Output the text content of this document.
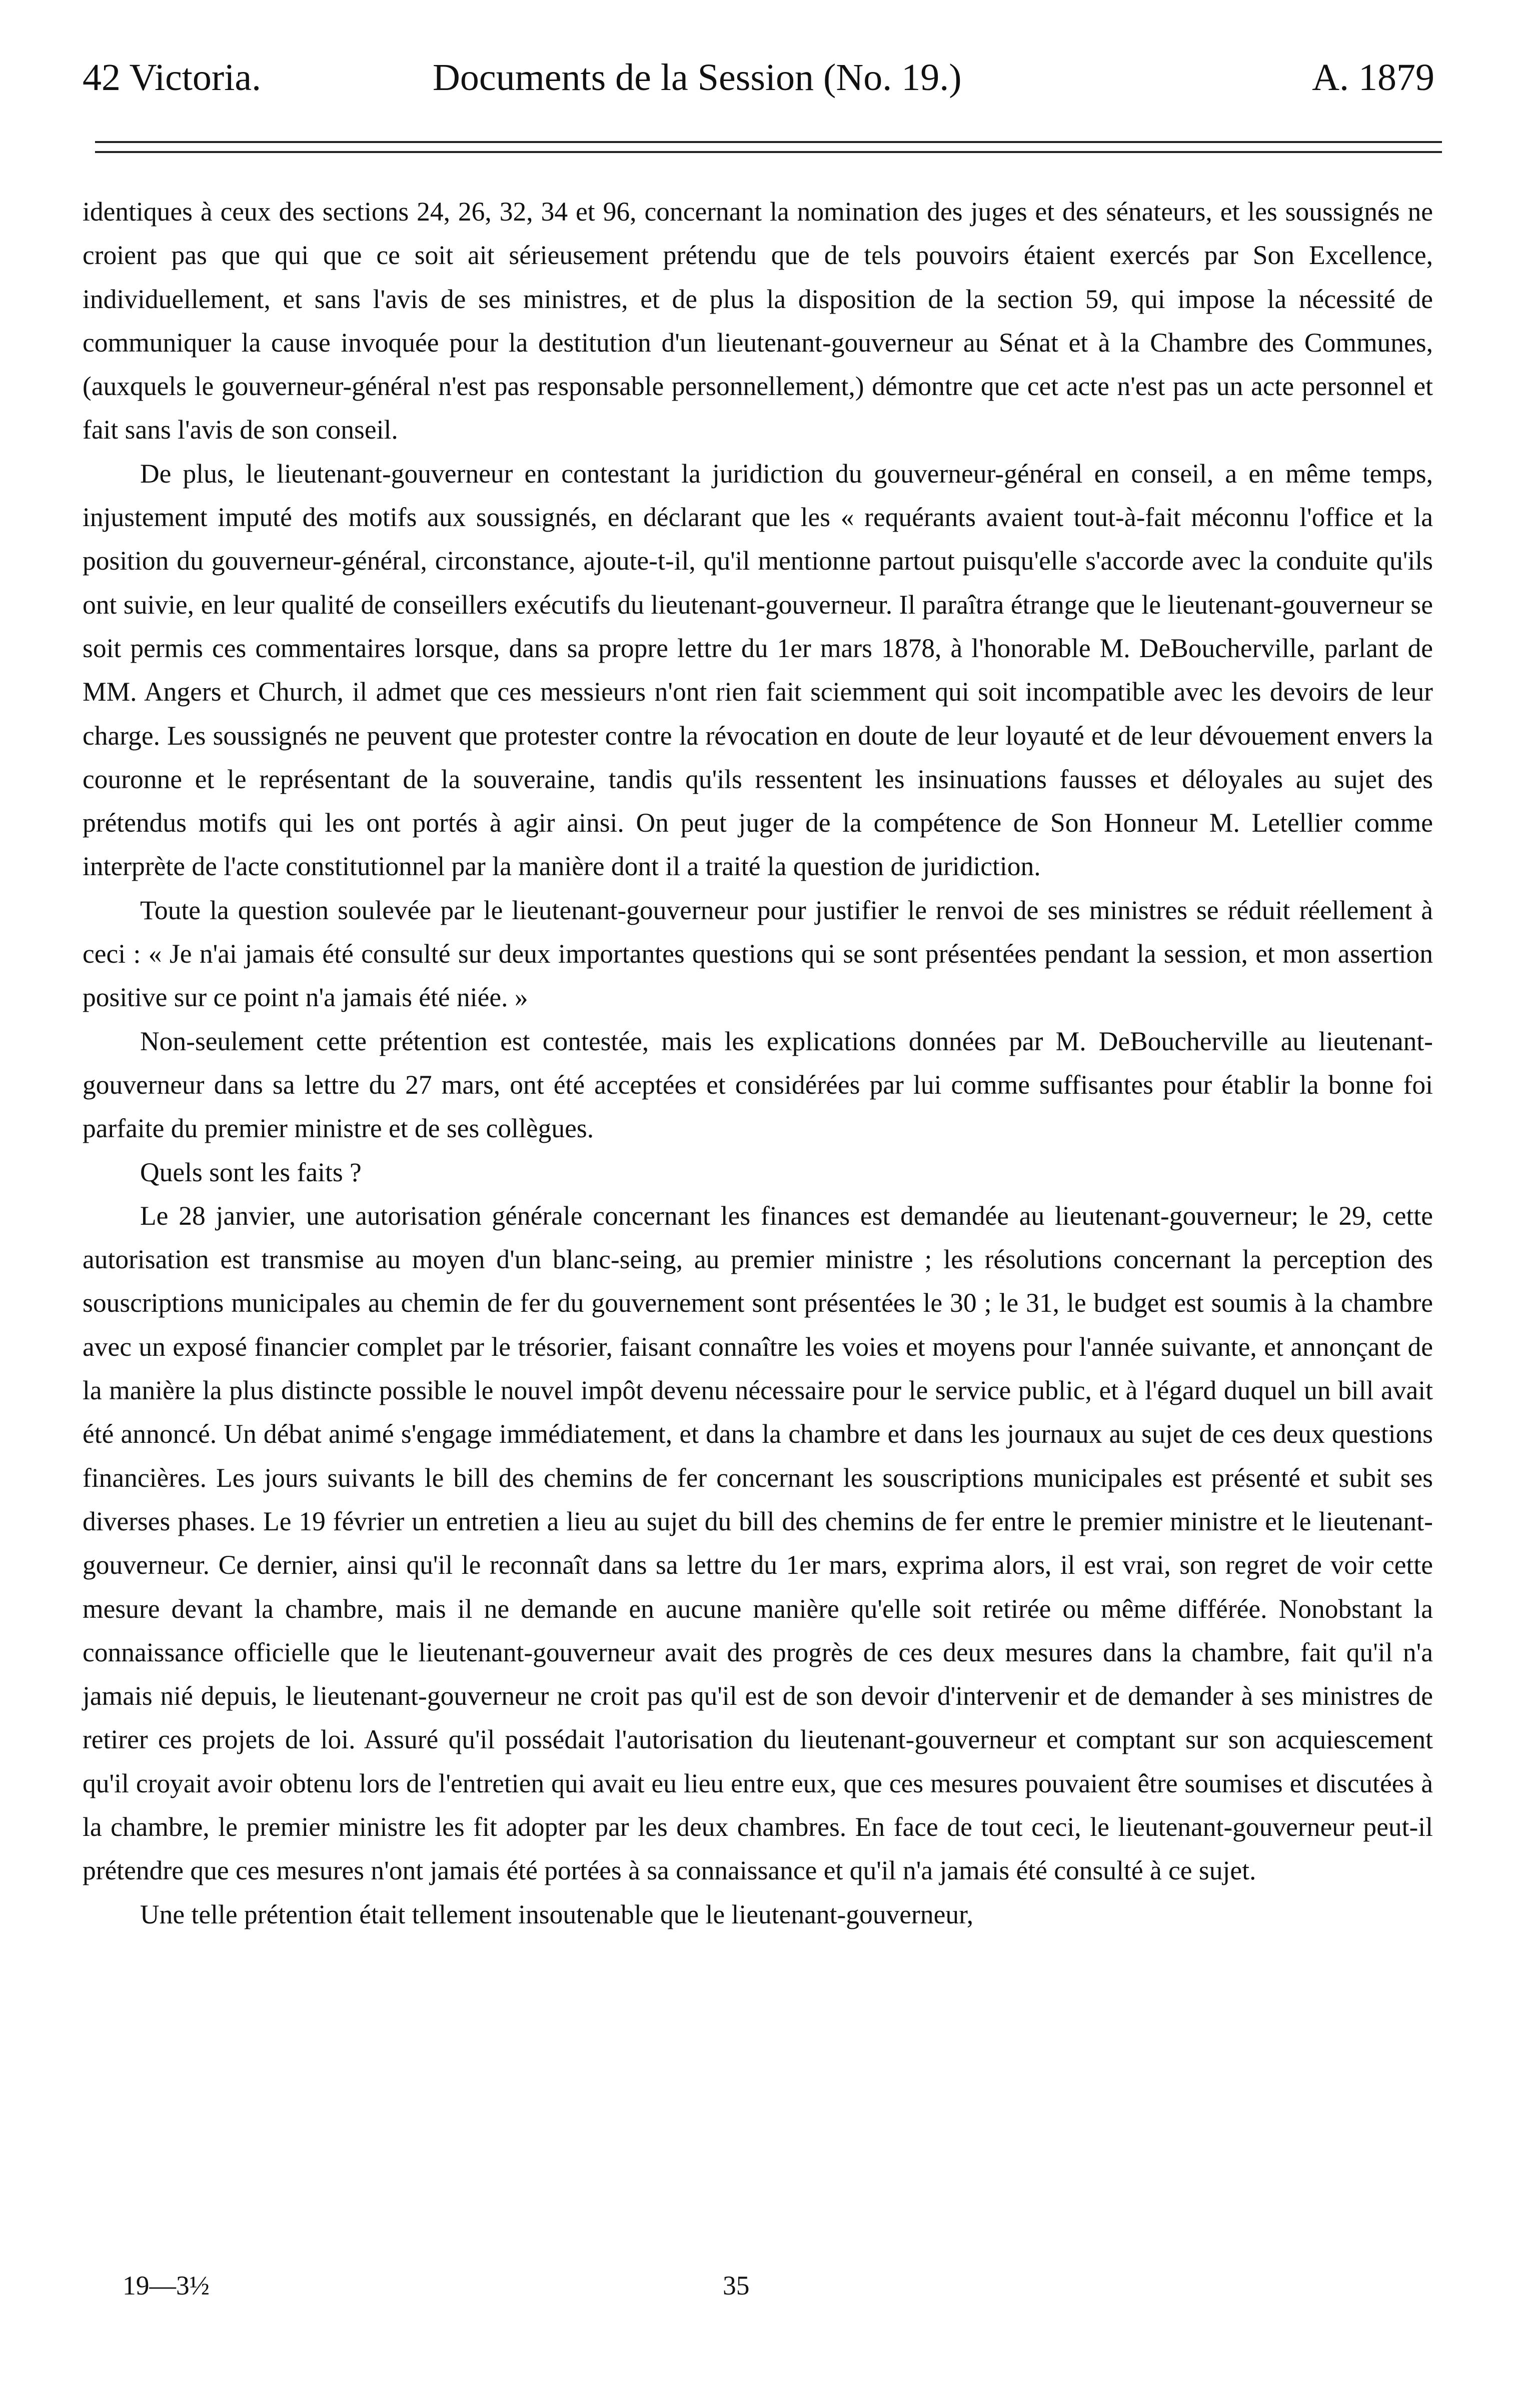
42 Victoria.	Documents de la Session (No. 19.)	A. 1879

identiques à ceux des sections 24, 26, 32, 34 et 96, concernant la nomination des juges et des sénateurs, et les soussignés ne croient pas que qui que ce soit ait sérieusement prétendu que de tels pouvoirs étaient exercés par Son Excellence, individuellement, et sans l'avis de ses ministres, et de plus la disposition de la section 59, qui impose la nécessité de communiquer la cause invoquée pour la destitution d'un lieutenant-gouverneur au Sénat et à la Chambre des Communes, (auxquels le gouverneur-général n'est pas responsable personnellement,) démontre que cet acte n'est pas un acte personnel et fait sans l'avis de son conseil.

De plus, le lieutenant-gouverneur en contestant la juridiction du gouverneur-général en conseil, a en même temps, injustement imputé des motifs aux soussignés, en déclarant que les « requérants avaient tout-à-fait méconnu l'office et la position du gouverneur-général, circonstance, ajoute-t-il, qu'il mentionne partout puisqu'elle s'accorde avec la conduite qu'ils ont suivie, en leur qualité de conseillers exécutifs du lieutenant-gouverneur. Il paraîtra étrange que le lieutenant-gouverneur se soit permis ces commentaires lorsque, dans sa propre lettre du 1er mars 1878, à l'honorable M. DeBoucherville, parlant de MM. Angers et Church, il admet que ces messieurs n'ont rien fait sciemment qui soit incompatible avec les devoirs de leur charge. Les soussignés ne peuvent que protester contre la révocation en doute de leur loyauté et de leur dévouement envers la couronne et le représentant de la souveraine, tandis qu'ils ressentent les insinuations fausses et déloyales au sujet des prétendus motifs qui les ont portés à agir ainsi. On peut juger de la compétence de Son Honneur M. Letellier comme interprète de l'acte constitutionnel par la manière dont il a traité la question de juridiction.

Toute la question soulevée par le lieutenant-gouverneur pour justifier le renvoi de ses ministres se réduit réellement à ceci : « Je n'ai jamais été consulté sur deux importantes questions qui se sont présentées pendant la session, et mon assertion positive sur ce point n'a jamais été niée. »

Non-seulement cette prétention est contestée, mais les explications données par M. DeBoucherville au lieutenant-gouverneur dans sa lettre du 27 mars, ont été acceptées et considérées par lui comme suffisantes pour établir la bonne foi parfaite du premier ministre et de ses collègues.

Quels sont les faits ?

Le 28 janvier, une autorisation générale concernant les finances est demandée au lieutenant-gouverneur; le 29, cette autorisation est transmise au moyen d'un blanc-seing, au premier ministre ; les résolutions concernant la perception des souscriptions municipales au chemin de fer du gouvernement sont présentées le 30 ; le 31, le budget est soumis à la chambre avec un exposé financier complet par le trésorier, faisant connaître les voies et moyens pour l'année suivante, et annonçant de la manière la plus distincte possible le nouvel impôt devenu nécessaire pour le service public, et à l'égard duquel un bill avait été annoncé. Un débat animé s'engage immédiatement, et dans la chambre et dans les journaux au sujet de ces deux questions financières. Les jours suivants le bill des chemins de fer concernant les souscriptions municipales est présenté et subit ses diverses phases. Le 19 février un entretien a lieu au sujet du bill des chemins de fer entre le premier ministre et le lieutenant-gouverneur. Ce dernier, ainsi qu'il le reconnaît dans sa lettre du 1er mars, exprima alors, il est vrai, son regret de voir cette mesure devant la chambre, mais il ne demande en aucune manière qu'elle soit retirée ou même différée. Nonobstant la connaissance officielle que le lieutenant-gouverneur avait des progrès de ces deux mesures dans la chambre, fait qu'il n'a jamais nié depuis, le lieutenant-gouverneur ne croit pas qu'il est de son devoir d'intervenir et de demander à ses ministres de retirer ces projets de loi. Assuré qu'il possédait l'autorisation du lieutenant-gouverneur et comptant sur son acquiescement qu'il croyait avoir obtenu lors de l'entretien qui avait eu lieu entre eux, que ces mesures pouvaient être soumises et discutées à la chambre, le premier ministre les fit adopter par les deux chambres. En face de tout ceci, le lieutenant-gouverneur peut-il prétendre que ces mesures n'ont jamais été portées à sa connaissance et qu'il n'a jamais été consulté à ce sujet.

Une telle prétention était tellement insoutenable que le lieutenant-gouverneur,

19—3½	35
